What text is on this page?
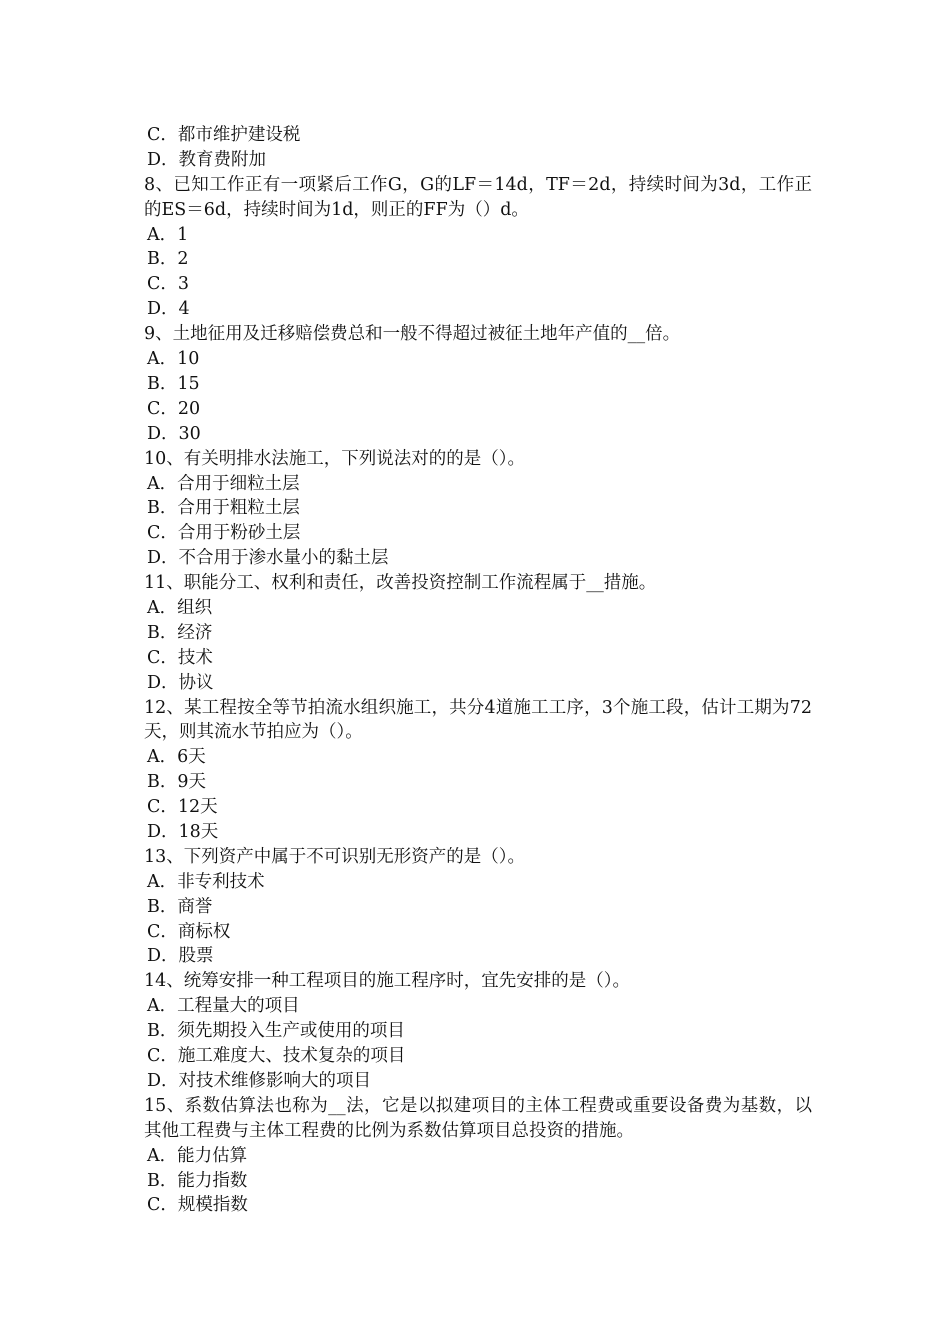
C．都市维护建设税
D．教育费附加
8、已知工作正有一项紧后工作G，G的LF＝14d，TF＝2d，持续时间为3d，工作正的ES＝6d，持续时间为1d，则正的FF为（）d。
A．1
B．2
C．3
D．4
9、土地征用及迁移赔偿费总和一般不得超过被征土地年产值的__倍。
A．10
B．15
C．20
D．30
10、有关明排水法施工，下列说法对的的是（）。
A．合用于细粒土层
B．合用于粗粒土层
C．合用于粉砂土层
D．不合用于渗水量小的黏土层
11、职能分工、权利和责任，改善投资控制工作流程属于__措施。
A．组织
B．经济
C．技术
D．协议
12、某工程按全等节拍流水组织施工，共分4道施工工序，3个施工段，估计工期为72天，则其流水节拍应为（）。
A．6天
B．9天
C．12天
D．18天
13、下列资产中属于不可识别无形资产的是（）。
A．非专利技术
B．商誉
C．商标权
D．股票
14、统筹安排一种工程项目的施工程序时，宜先安排的是（）。
A．工程量大的项目
B．须先期投入生产或使用的项目
C．施工难度大、技术复杂的项目
D．对技术维修影响大的项目
15、系数估算法也称为__法，它是以拟建项目的主体工程费或重要设备费为基数，以其他工程费与主体工程费的比例为系数估算项目总投资的措施。
A．能力估算
B．能力指数
C．规模指数
